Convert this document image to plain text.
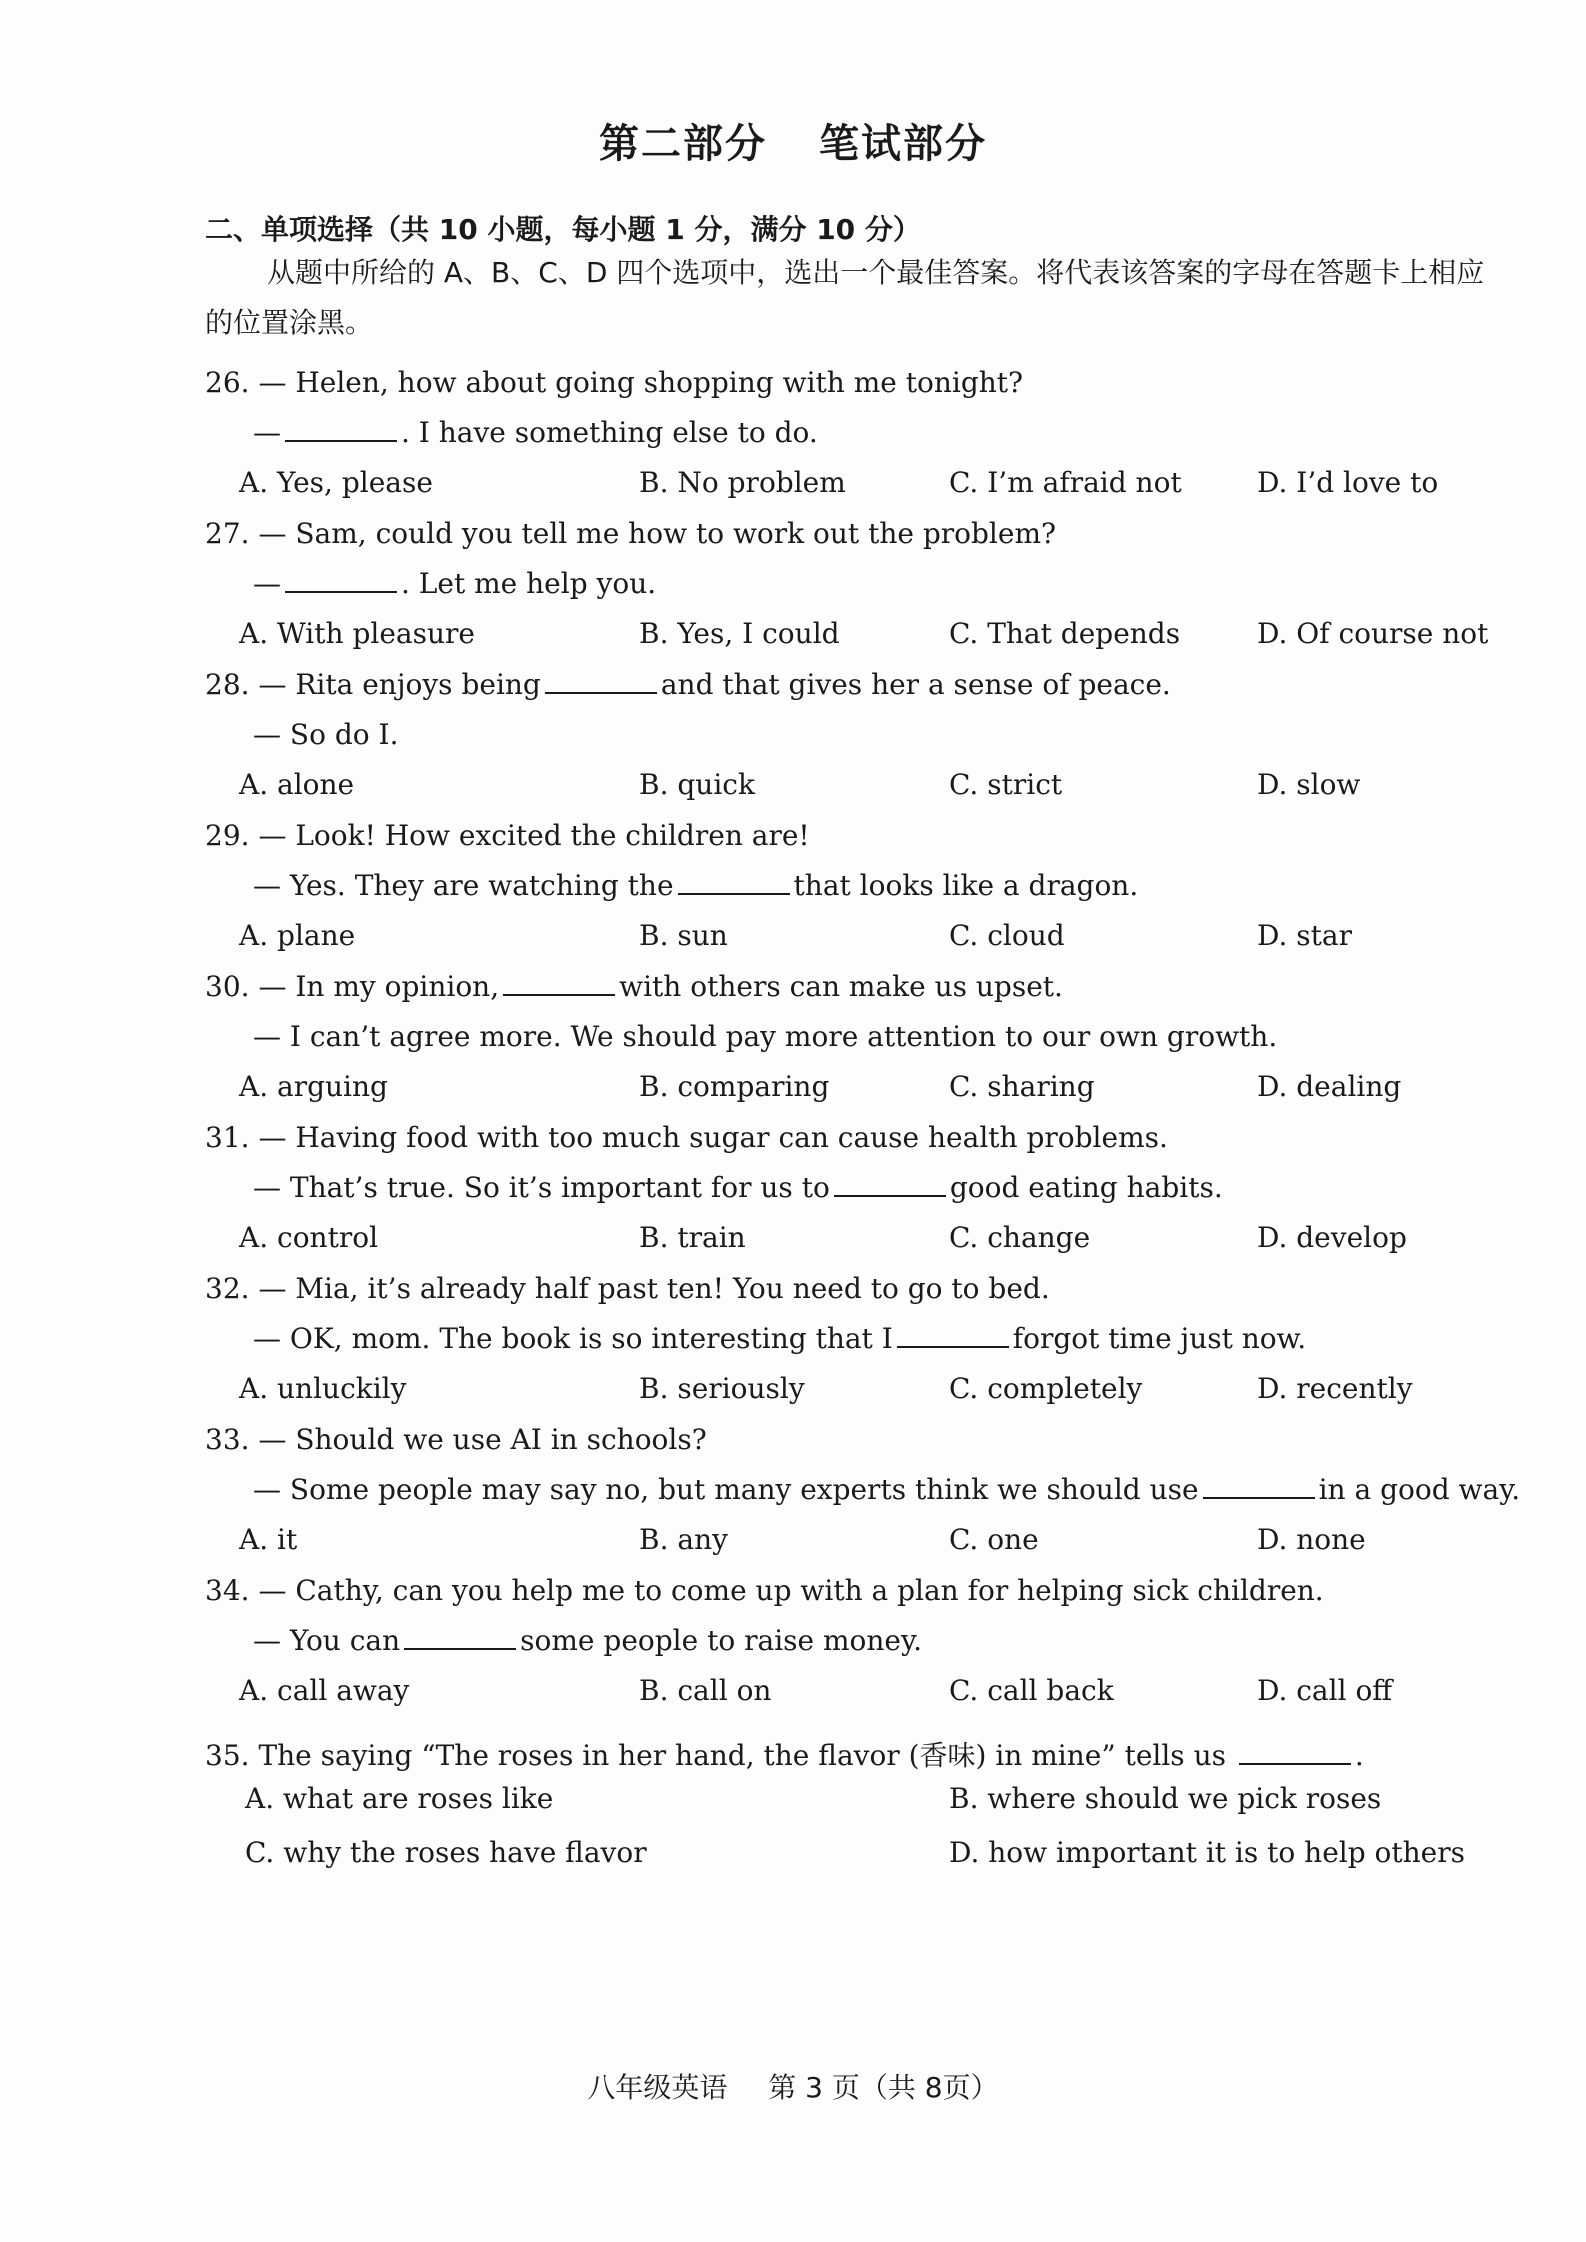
第二部分 笔试部分
二、单项选择（共 10 小题，每小题 1 分，满分 10 分）
从题中所给的 A、B、C、D 四个选项中，选出一个最佳答案。将代表该答案的字母在答题卡上相应的位置涂黑。
26. — Helen, how about going shopping with me tonight?
—	. I have something else to do.
A. Yes, please	B. No problem	C. I’m afraid not	D. I’d love to
27. — Sam, could you tell me how to work out the problem?
—	. Let me help you.
A. With pleasure	B. Yes, I could	C. That depends	D. Of course not
28. — Rita enjoys being	and that gives her a sense of peace.
— So do I.
A. alone	B. quick	C. strict	D. slow
29. — Look! How excited the children are!
— Yes. They are watching the	that looks like a dragon.
A. plane	B. sun	C. cloud	D. star
30. — In my opinion,	with others can make us upset.
— I can’t agree more. We should pay more attention to our own growth.
A. arguing	B. comparing	C. sharing	D. dealing
31. — Having food with too much sugar can cause health problems.
— That’s true. So it’s important for us to	good eating habits.
A. control	B. train	C. change	D. develop
32. — Mia, it’s already half past ten! You need to go to bed.
— OK, mom. The book is so interesting that I	forgot time just now.
A. unluckily	B. seriously	C. completely	D. recently
33. — Should we use AI in schools?
— Some people may say no, but many experts think we should use	in a good way.
A. it	B. any	C. one	D. none
34. — Cathy, can you help me to come up with a plan for helping sick children.
— You can	some people to raise money.
A. call away	B. call on	C. call back	D. call off
35. The saying “The roses in her hand, the flavor (香味) in mine” tells us	.
A. what are roses like	B. where should we pick roses
C. why the roses have flavor	D. how important it is to help others
八年级英语 第 3 页（共 8页）
